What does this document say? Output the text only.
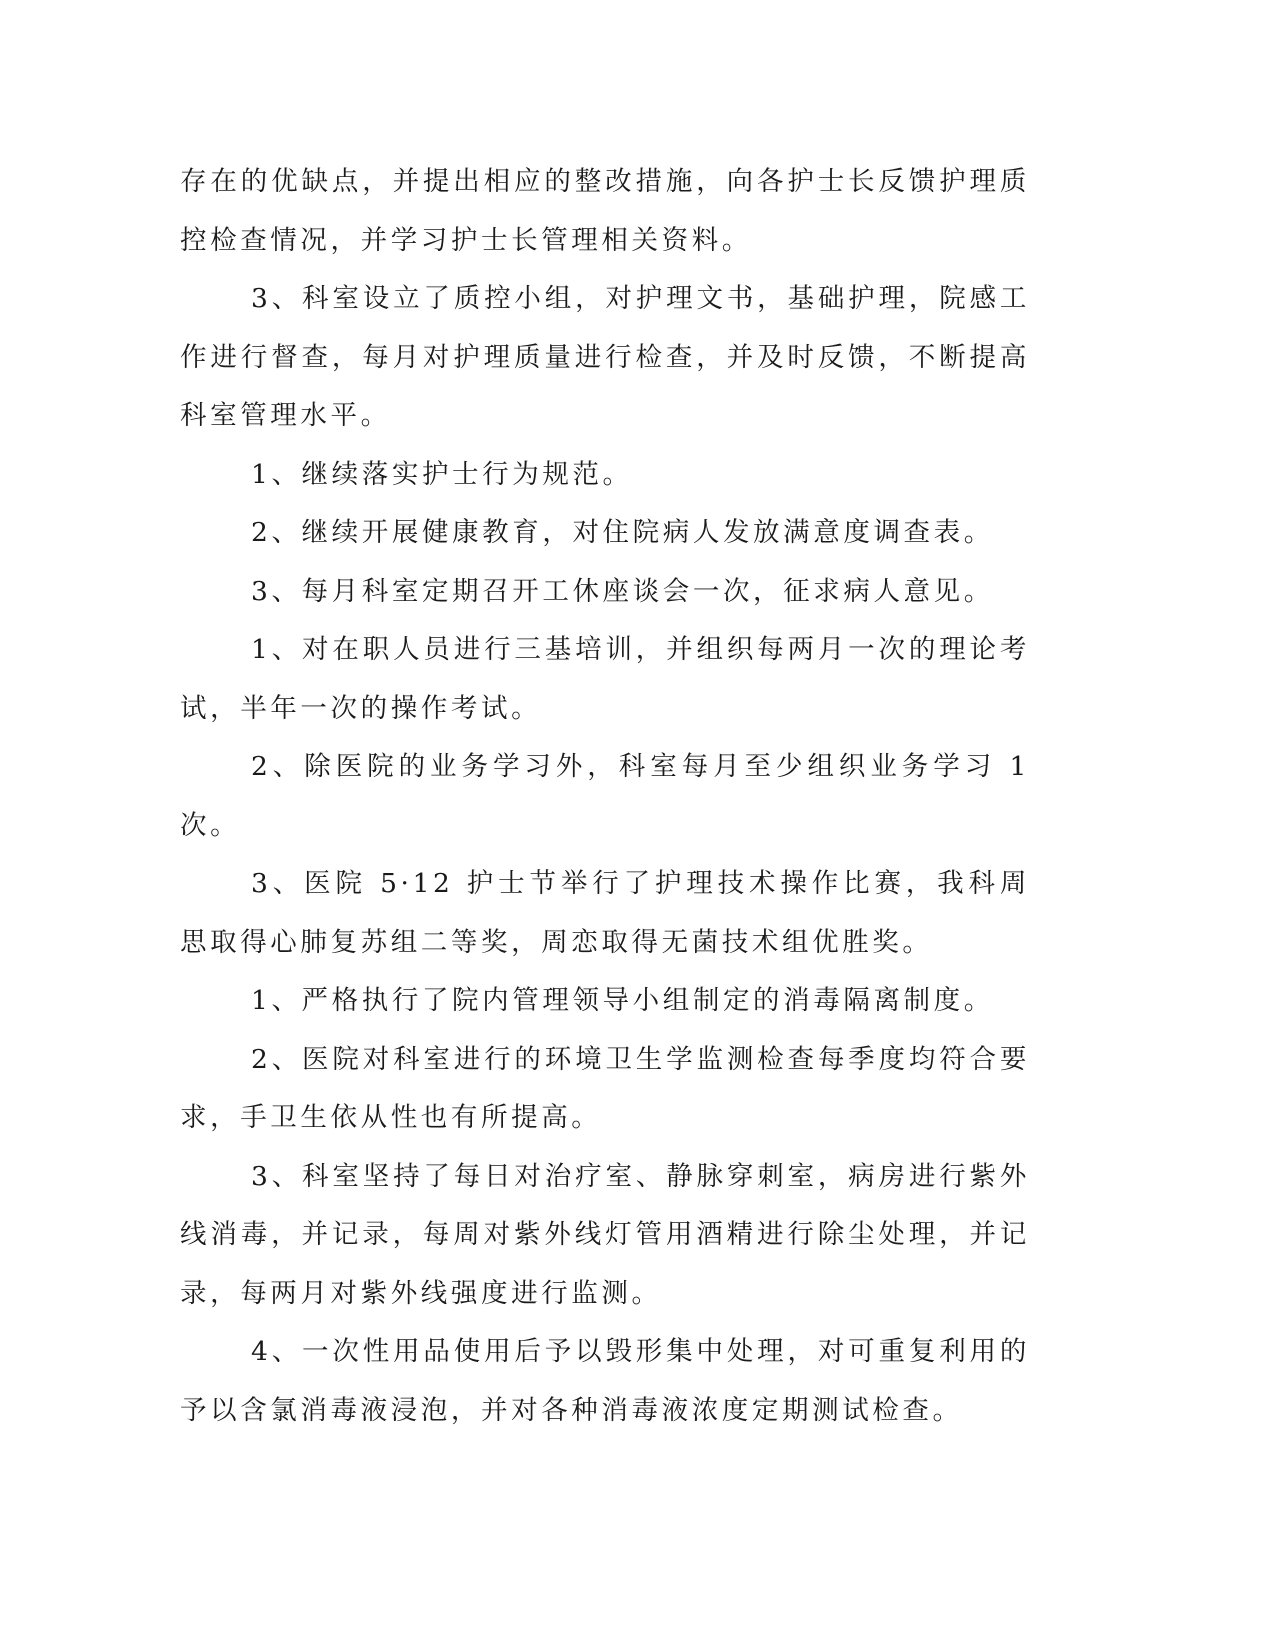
存在的优缺点，并提出相应的整改措施，向各护士长反馈护理质控检查情况，并学习护士长管理相关资料。

3、科室设立了质控小组，对护理文书，基础护理，院感工作进行督查，每月对护理质量进行检查，并及时反馈，不断提高科室管理水平。

1、继续落实护士行为规范。

2、继续开展健康教育，对住院病人发放满意度调查表。

3、每月科室定期召开工休座谈会一次，征求病人意见。

1、对在职人员进行三基培训，并组织每两月一次的理论考试，半年一次的操作考试。

2、除医院的业务学习外，科室每月至少组织业务学习 1 次。

3、医院 5·12 护士节举行了护理技术操作比赛，我科周思取得心肺复苏组二等奖，周恋取得无菌技术组优胜奖。

1、严格执行了院内管理领导小组制定的消毒隔离制度。

2、医院对科室进行的环境卫生学监测检查每季度均符合要求，手卫生依从性也有所提高。

3、科室坚持了每日对治疗室、静脉穿刺室，病房进行紫外线消毒，并记录，每周对紫外线灯管用酒精进行除尘处理，并记录，每两月对紫外线强度进行监测。

4、一次性用品使用后予以毁形集中处理，对可重复利用的予以含氯消毒液浸泡，并对各种消毒液浓度定期测试检查。
